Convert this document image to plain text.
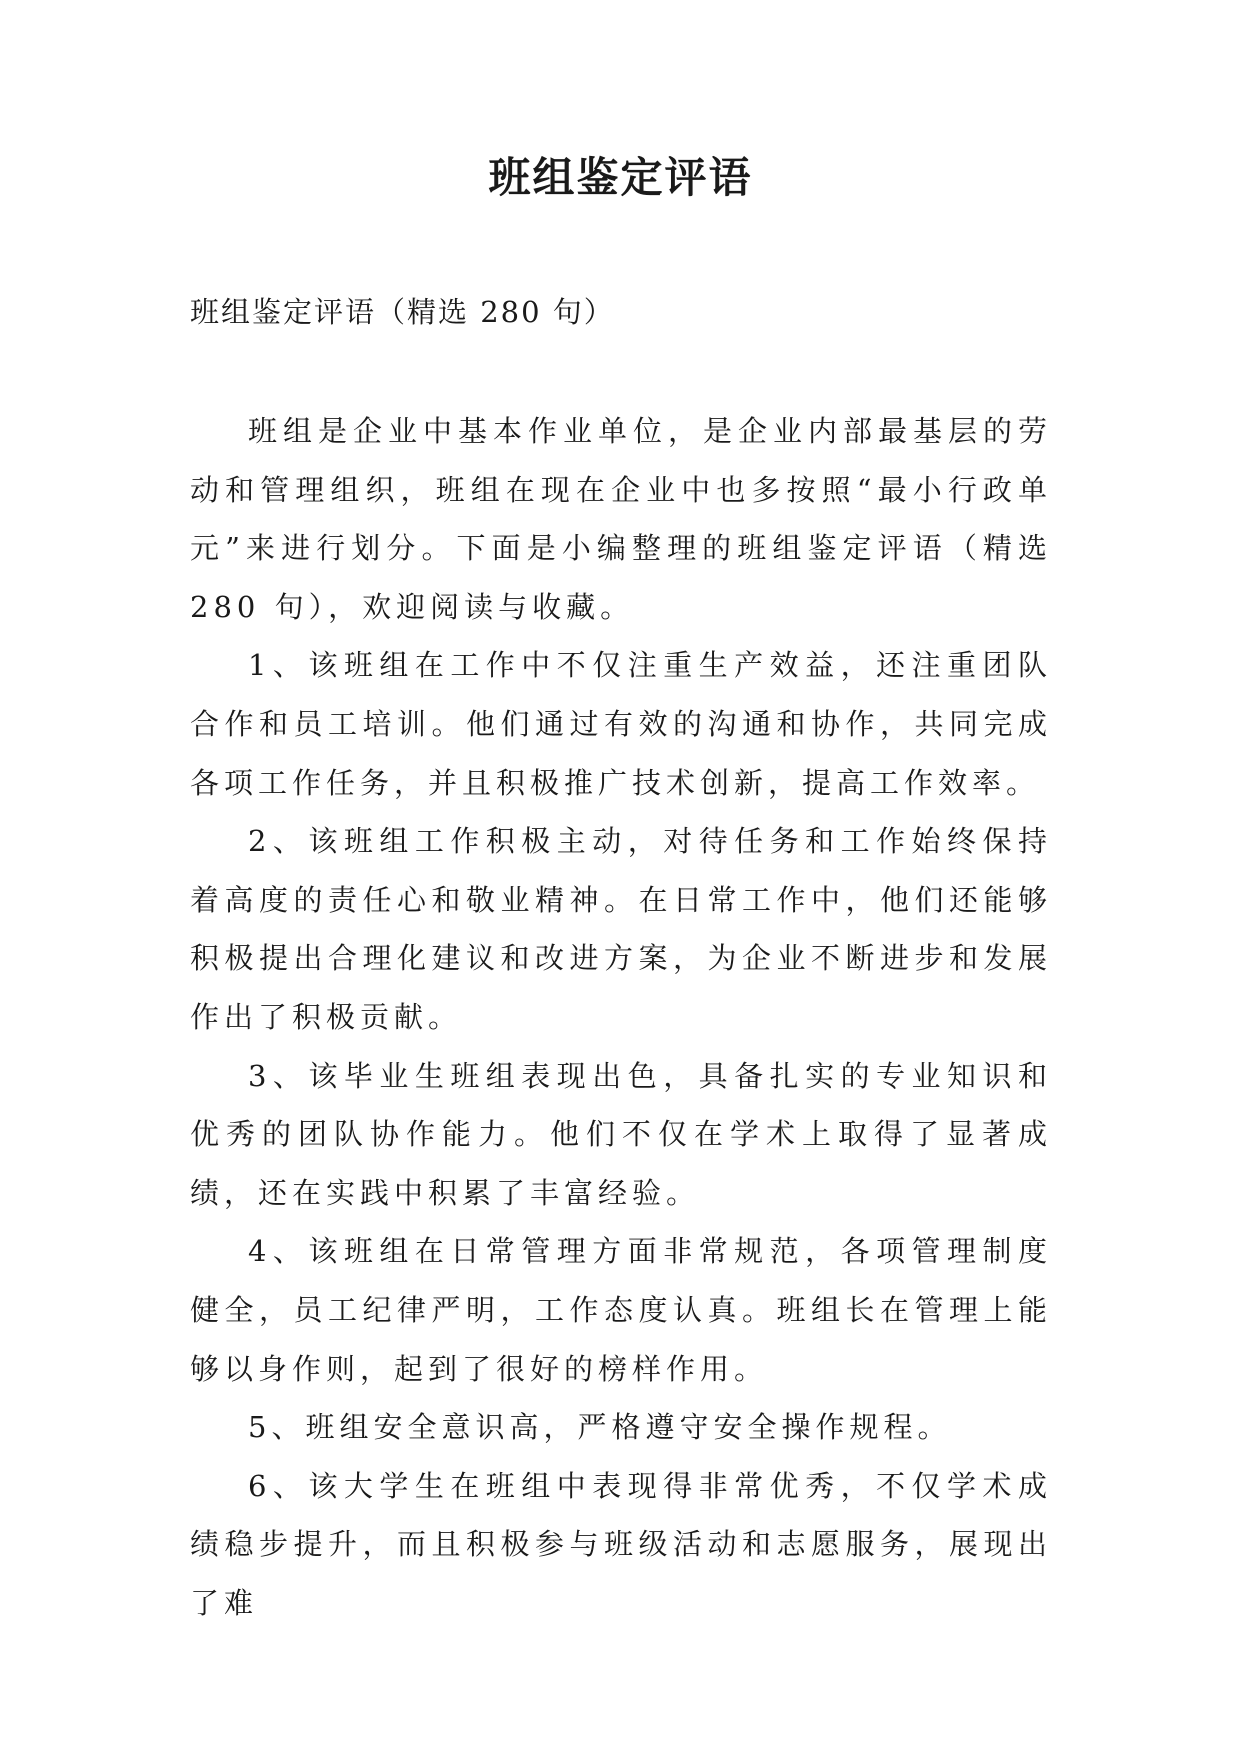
班组鉴定评语
班组鉴定评语（精选 280 句）

班组是企业中基本作业单位，是企业内部最基层的劳动和管理组织，班组在现在企业中也多按照“最小行政单元”来进行划分。下面是小编整理的班组鉴定评语（精选 280 句），欢迎阅读与收藏。

1、该班组在工作中不仅注重生产效益，还注重团队合作和员工培训。他们通过有效的沟通和协作，共同完成各项工作任务，并且积极推广技术创新，提高工作效率。

2、该班组工作积极主动，对待任务和工作始终保持着高度的责任心和敬业精神。在日常工作中，他们还能够积极提出合理化建议和改进方案，为企业不断进步和发展作出了积极贡献。

3、该毕业生班组表现出色，具备扎实的专业知识和优秀的团队协作能力。他们不仅在学术上取得了显著成绩，还在实践中积累了丰富经验。

4、该班组在日常管理方面非常规范，各项管理制度健全，员工纪律严明，工作态度认真。班组长在管理上能够以身作则，起到了很好的榜样作用。

5、班组安全意识高，严格遵守安全操作规程。

6、该大学生在班组中表现得非常优秀，不仅学术成绩稳步提升，而且积极参与班级活动和志愿服务，展现出了难
